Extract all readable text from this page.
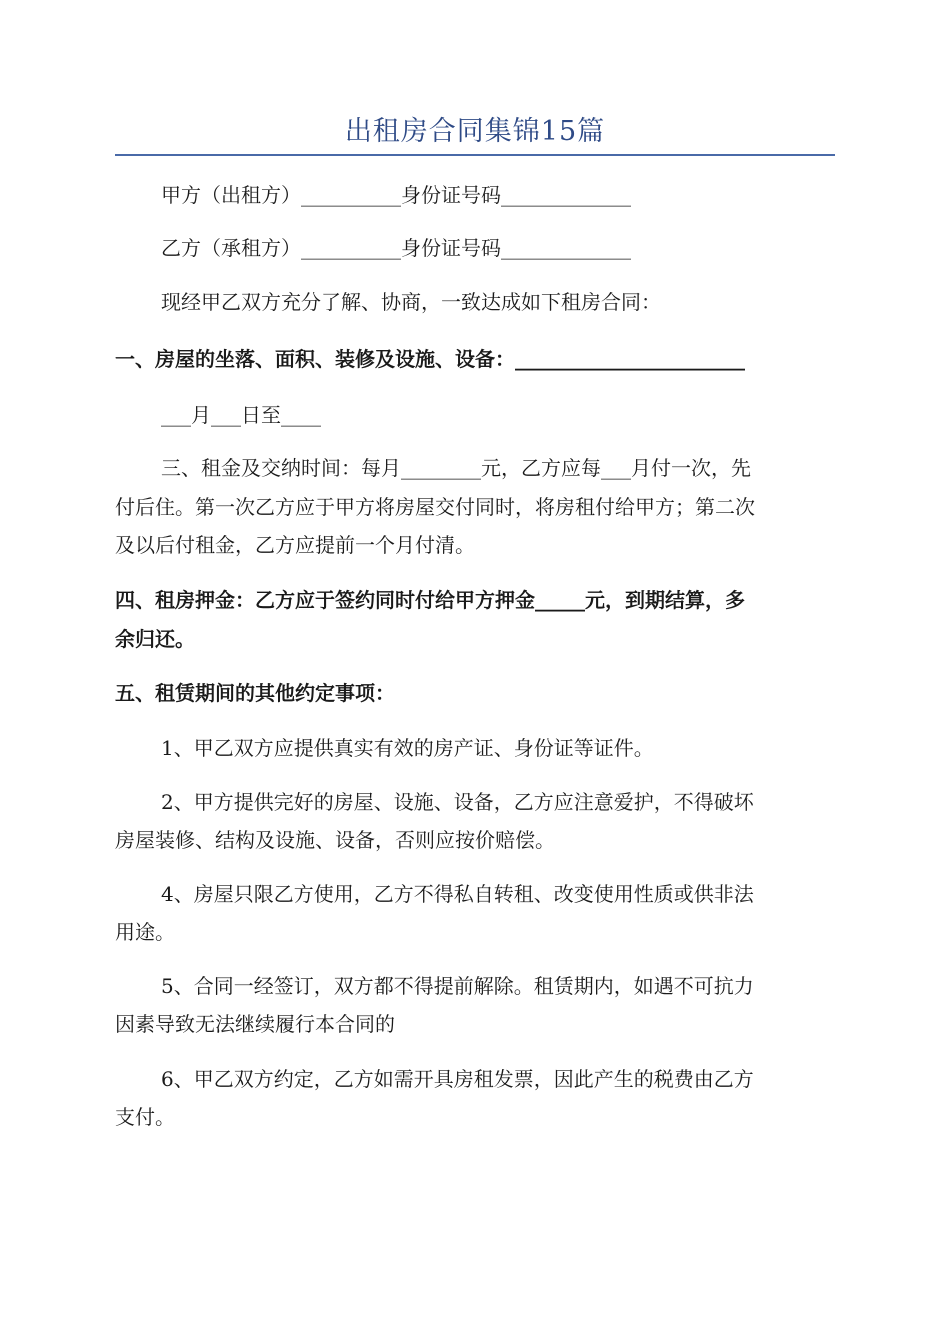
出租房合同集锦15篇
甲方（出租方）__________身份证号码_____________
乙方（承租方）__________身份证号码_____________
现经甲乙双方充分了解、协商，一致达成如下租房合同：
一、房屋的坐落、面积、装修及设施、设备：_______________________
___月___日至____
三、租金及交纳时间：每月________元，乙方应每___月付一次，先
付后住。第一次乙方应于甲方将房屋交付同时，将房租付给甲方；第二次
及以后付租金，乙方应提前一个月付清。
四、租房押金：乙方应于签约同时付给甲方押金_____元，到期结算，多
余归还。
五、租赁期间的其他约定事项：
1、甲乙双方应提供真实有效的房产证、身份证等证件。
2、甲方提供完好的房屋、设施、设备，乙方应注意爱护，不得破坏
房屋装修、结构及设施、设备，否则应按价赔偿。
4、房屋只限乙方使用，乙方不得私自转租、改变使用性质或供非法
用途。
5、合同一经签订，双方都不得提前解除。租赁期内，如遇不可抗力
因素导致无法继续履行本合同的
6、甲乙双方约定，乙方如需开具房租发票，因此产生的税费由乙方
支付。
